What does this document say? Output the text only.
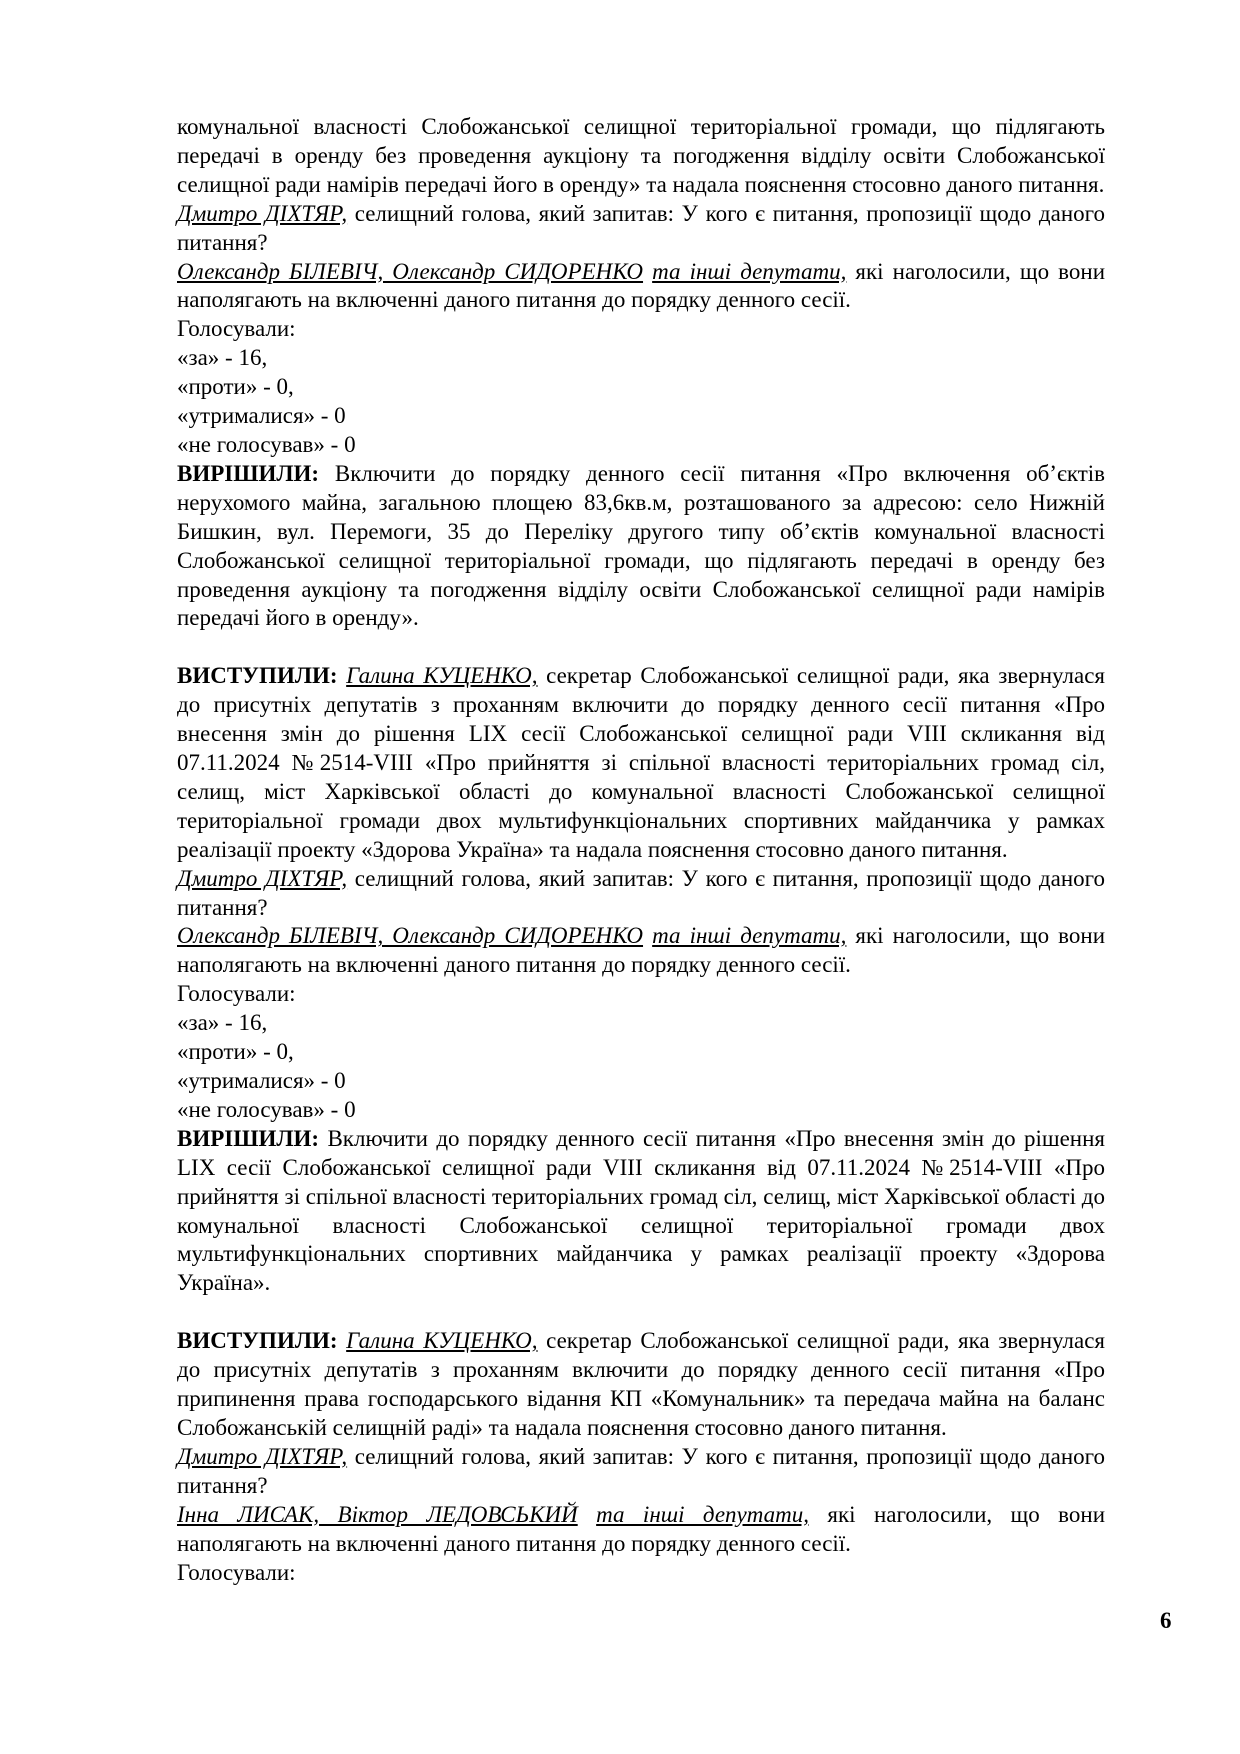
комунальної власності Слобожанської селищної територіальної громади, що підлягають передачі в оренду без проведення аукціону та погодження відділу освіти Слобожанської селищної ради намірів передачі його в оренду» та надала пояснення стосовно даного питання.

Дмитро ДІХТЯР, селищний голова, який запитав: У кого є питання, пропозиції щодо даного питання?

Олександр БІЛЕВІЧ, Олександр СИДОРЕНКО та інші депутати, які наголосили, що вони наполягають на включенні даного питання до порядку денного сесії.

Голосували:

«за» - 16,

«проти» - 0,

«утрималися» - 0

«не голосував» - 0

ВИРІШИЛИ: Включити до порядку денного сесії питання «Про включення об’єктів нерухомого майна, загальною площею 83,6кв.м, розташованого за адресою: село Нижній Бишкин, вул. Перемоги, 35 до Переліку другого типу об’єктів комунальної власності Слобожанської селищної територіальної громади, що підлягають передачі в оренду без проведення аукціону та погодження відділу освіти Слобожанської селищної ради намірів передачі його в оренду».

ВИСТУПИЛИ: Галина КУЦЕНКО, секретар Слобожанської селищної ради, яка звернулася до присутніх депутатів з проханням включити до порядку денного сесії питання «Про внесення змін до рішення LIX сесії Слобожанської селищної ради VIII скликання від 07.11.2024 №2514-VIII «Про прийняття зі спільної власності територіальних громад сіл, селищ, міст Харківської області до комунальної власності Слобожанської селищної територіальної громади двох мультифункціональних спортивних майданчика у рамках реалізації проекту «Здорова Україна» та надала пояснення стосовно даного питання.

Дмитро ДІХТЯР, селищний голова, який запитав: У кого є питання, пропозиції щодо даного питання?

Олександр БІЛЕВІЧ, Олександр СИДОРЕНКО та інші депутати, які наголосили, що вони наполягають на включенні даного питання до порядку денного сесії.

Голосували:

«за» - 16,

«проти» - 0,

«утрималися» - 0

«не голосував» - 0

ВИРІШИЛИ: Включити до порядку денного сесії питання «Про внесення змін до рішення LIX сесії Слобожанської селищної ради VIII скликання від 07.11.2024 №2514-VIII «Про прийняття зі спільної власності територіальних громад сіл, селищ, міст Харківської області до комунальної власності Слобожанської селищної територіальної громади двох мультифункціональних спортивних майданчика у рамках реалізації проекту «Здорова Україна».

ВИСТУПИЛИ: Галина КУЦЕНКО, секретар Слобожанської селищної ради, яка звернулася до присутніх депутатів з проханням включити до порядку денного сесії питання «Про припинення права господарського відання КП «Комунальник» та передача майна на баланс Слобожанській селищній раді» та надала пояснення стосовно даного питання.

Дмитро ДІХТЯР, селищний голова, який запитав: У кого є питання, пропозиції щодо даного питання?

Інна ЛИСАК, Віктор ЛЕДОВСЬКИЙ та інші депутати, які наголосили, що вони наполягають на включенні даного питання до порядку денного сесії.

Голосували:

6
